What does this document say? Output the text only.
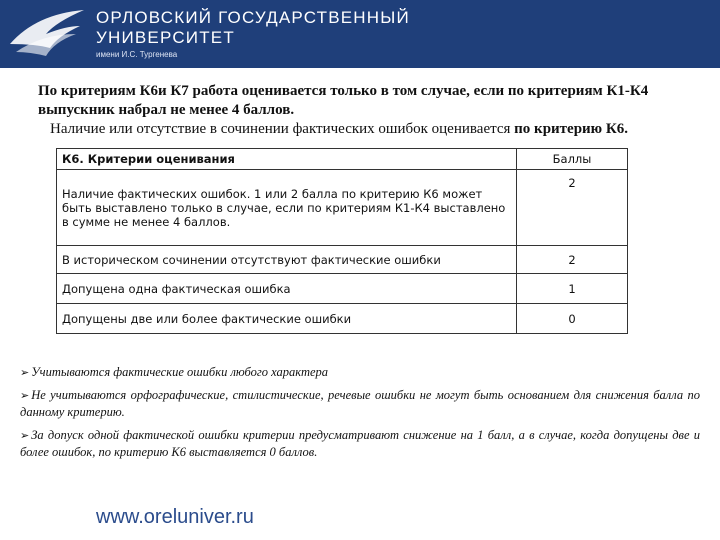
ОРЛОВСКИЙ ГОСУДАРСТВЕННЫЙ
УНИВЕРСИТЕТ
имени И.С. Тургенева
По критериям К6и К7 работа оценивается только в том случае, если по критериям К1-К4 выпускник набрал не менее 4 баллов.
Наличие или отсутствие в сочинении фактических ошибок оценивается по критерию К6.
К6. Критерии оценивания	Баллы
Наличие фактических ошибок. 1 или 2 балла по критерию К6 может быть выставлено только в случае, если по критериям К1-К4 выставлено в сумме не менее 4 баллов.	2
В историческом сочинении отсутствуют фактические ошибки	2
Допущена одна фактическая ошибка	1
Допущены две или более фактические ошибки	0
➢ Учитываются фактические ошибки любого характера
➢ Не учитываются орфографические, стилистические, речевые ошибки не могут быть основанием для снижения балла по данному критерию.
➢ За допуск одной фактической ошибки критерии предусматривают снижение на 1 балл, а в случае, когда допущены две и более ошибок, по критерию К6 выставляется 0 баллов.
www.oreluniver.ru
